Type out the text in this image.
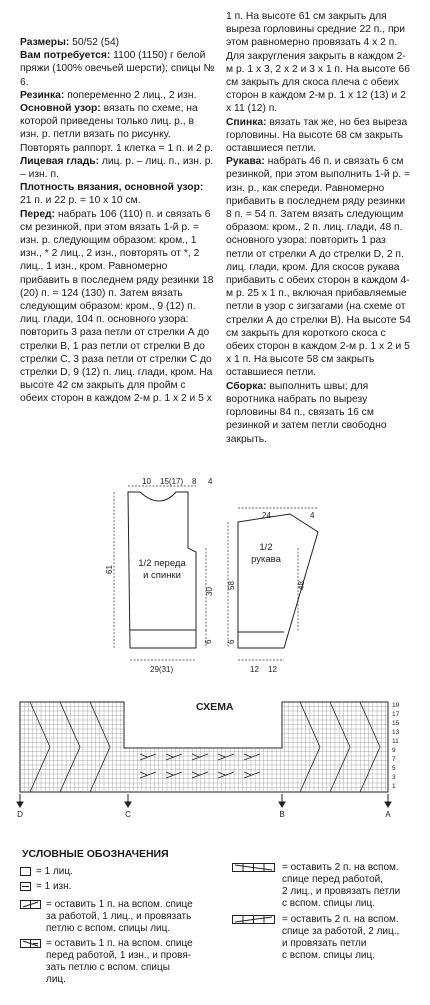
Размеры: 50/52 (54)

Вам потребуется: 1100 (1150) г белой пряжи (100% овечьей шерсти); спицы № 6.

Резинка: попеременно 2 лиц., 2 изн.

Основной узор: вязать по схеме, на которой приведены только лиц. р., в изн. р. петли вязать по рисунку. Повторять раппорт. 1 клетка = 1 п. и 2 р.

Лицевая гладь: лиц. р. – лиц. п., изн. р. – изн. п.

Плотность вязания, основной узор: 21 п. и 22 р. = 10 х 10 см.

Перед: набрать 106 (110) п. и связать 6 см резинкой, при этом вязать 1-й р. = изн. р. следующим образом: кром., 1 изн., * 2 лиц., 2 изн., повторять от *, 2 лиц., 1 изн., кром. Равномерно прибавить в последнем ряду резинки 18 (20) п. = 124 (130) п. Затем вязать следующим образом: кром., 9 (12) п. лиц. глади, 104 п. основного узора: повторить 3 раза петли от стрелки А до стрелки В, 1 раз петли от стрелки В до стрелки С, 3 раза петли от стрелки С до стрелки D, 9 (12) п. лиц. глади, кром. На высоте 42 см закрыть для пройм с обеих сторон в каждом 2-м р. 1 х 2 и 5 х

1 п. На высоте 61 см закрыть для выреза горловины средние 22 п., при этом равномерно провязать 4 х 2 п. Для закругления закрыть в каждом 2-м р. 1 х 3, 2 х 2 и 3 х 1 п. На высоте 66 см закрыть для скоса плеча с обеих сторон в каждом 2-м р. 1 х 12 (13) и 2 х 11 (12) п.

Спинка: вязать так же, но без выреза горловины. На высоте 68 см закрыть оставшиеся петли.

Рукава: набрать 46 п. и связать 6 см резинкой, при этом выполнить 1-й р. = изн. р., как спереди. Равномерно прибавить в последнем ряду резинки 8 п. = 54 п. Затем вязать следующим образом: кром., 2 п. лиц. глади, 48 п. основного узора: повторить 1 раз петли от стрелки А до стрелки D, 2 п. лиц. глади, кром. Для скосов рукава прибавить с обеих сторон в каждом 4-м р. 25 х 1 п., включая прибавляемые петли в узор с зигзагами (на схеме от стрелки А до стрелки В). На высоте 54 см закрыть для короткого скоса с обеих сторон в каждом 2-м р. 1 х 2 и 5 х 1 п. На высоте 58 см закрыть оставшиеся петли.

Сборка: выполнить швы; для воротника набрать по вырезу горловины 84 п., связать 16 см резинкой и затем петли свободно закрыть.

10 15(17) 8 4
61
30
6
29(31)
24	4
58	48
6
12 12
1/2 переда
и спинки
1/2
рукава
СХЕМА	19
17
15
13
11
9
7
5
3
1
D	C	B	A
УСЛОВНЫЕ ОБОЗНАЧЕНИЯ
= 1 лиц.
= 1 изн.
= оставить 1 п. на вспом. спице
за работой, 1 лиц., и провязать
петлю с вспом. спицы лиц.
= оставить 1 п. на вспом. спице
перед работой, 1 изн., и провя-
зать петлю с вспом. спицы
лиц.
= оставить 2 п. на вспом.
спице перед работой,
2 лиц., и провязать петли
с вспом. спицы лиц.
= оставить 2 п. на вспом.
спице за работой, 2 лиц.,
и провязать петли
с вспом. спицы лиц.
